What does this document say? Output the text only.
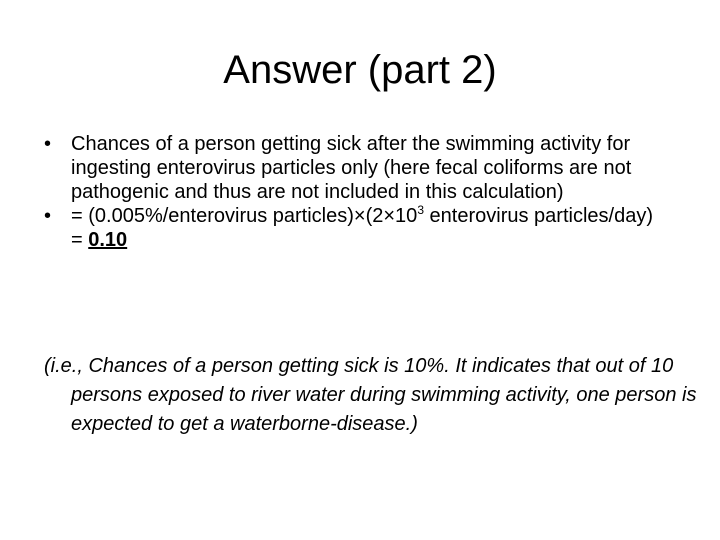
Answer (part 2)
• Chances of a person getting sick after the swimming activity for ingesting enterovirus particles only (here fecal coliforms are not pathogenic and thus are not included in this calculation)
• = (0.005%/enterovirus $particles)\times(2\times 10^3$ enterovirus particles/day) = 0.10

(i.e., Chances of a person getting sick is 10%. It indicates that out of 10 persons exposed to river water during swimming activity, one person is expected to get a waterborne-disease.)
